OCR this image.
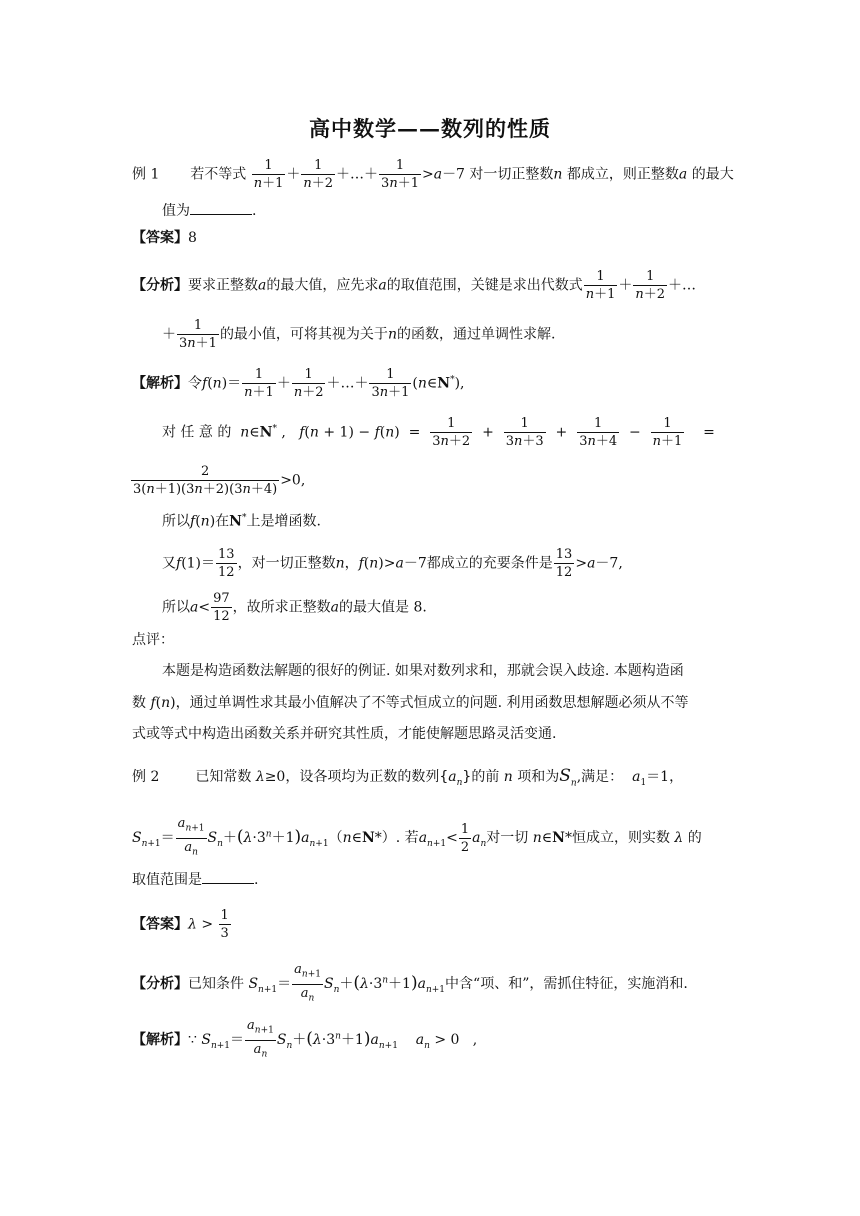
高中数学——数列的性质
例 1 若不等式 $\frac{1}{n+1} + \frac{1}{n+2}$ ＋…＋ $\frac{1}{3n+1} >a-7$ 对一切正整数n 都成立，则正整数a 的最大
值为	.
【答案】8
【分析】要求正整数a的最大值，应先求a的取值范围，关键是求出代数式 $\frac{1}{n+1} + \frac{1}{n+2}$ ＋…
＋ $\frac{1}{3n+1}$ 的最小值，可将其视为关于n的函数，通过单调性求解.
【解析】令$f(n)= \frac{1}{n+1} + \frac{1}{n+2}$ ＋…＋ $\frac{1}{3n+1}$ (n∈N*),
对 任 意 的 n∈N* ,   $f(n + 1) - f(n) = \frac{1}{3n+2} + \frac{1}{3n+3} + \frac{1}{3n+4} - \frac{1}{n+1}$ =
$\frac{2}{3(n+1)(3n+2)(3n+4)} >0$,
所以f(n)在N*上是增函数.
又$f(1)= \frac{13}{12}$ ，对一切正整数n，f(n)>a－7都成立的充要条件是 $\frac{13}{12} >a-7$,
所以$a< \frac{97}{12}$ ，故所求正整数a的最大值是 8.
点评：
本题是构造函数法解题的很好的例证. 如果对数列求和，那就会误入歧途. 本题构造函
数 f(n)，通过单调性求其最小值解决了不等式恒成立的问题. 利用函数思想解题必须从不等
式或等式中构造出函数关系并研究其性质，才能使解题思路灵活变通.
例 2	已知常数 λ≥0，设各项均为正数的数列$\{a_n\}$的前 n 项和为$S_n$,满足： $a_1=1$，
$S_{n+1}= \frac{a_{n+1}}{a_n}$ $S_n+(\lambda\cdot 3^n+1)a_{n+1}(n\in N*)$. 若$a_{n+1}< \frac{1}{2} a_n$对一切 n∈N*恒成立，则实数 λ 的
取值范围是	.
【答案】$\lambda > \frac{1}{3}$
【分析】已知条件 $S_{n+1}= \frac{a_{n+1}}{a_n} S_n+(\lambda\cdot 3^n+1)a_{n+1}$中含“项、和”，需抓住特征，实施消和.
【解析】∵ $S_{n+1}= \frac{a_{n+1}}{a_n} S_n+(\lambda\cdot 3^n+1)a_{n+1}$ $a_n > 0$   ,
